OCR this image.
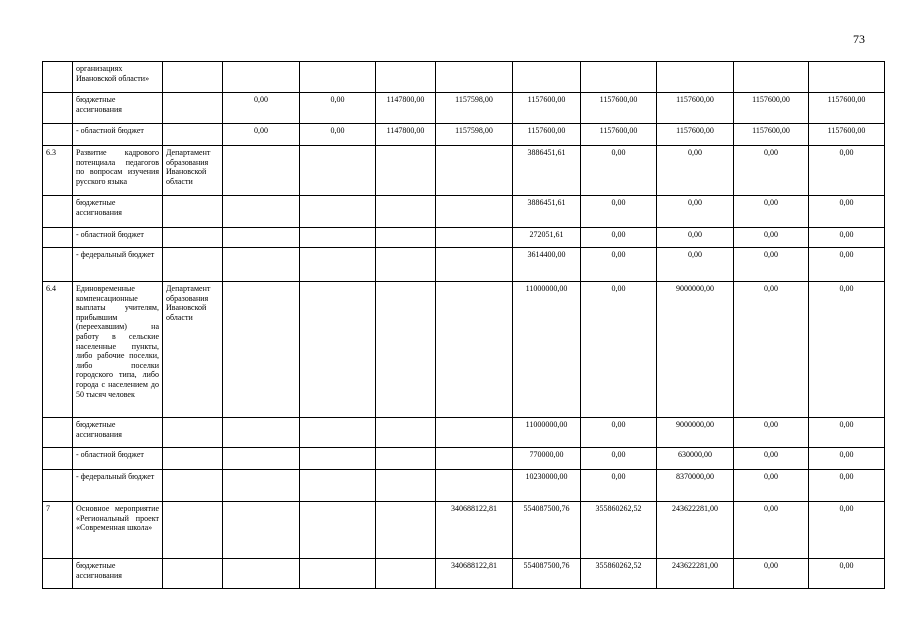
73
	организациях Ивановской области»										
	бюджетные ассигнования		0,00	0,00	1147800,00	1157598,00	1157600,00	1157600,00	1157600,00	1157600,00	1157600,00
	- областной бюджет		0,00	0,00	1147800,00	1157598,00	1157600,00	1157600,00	1157600,00	1157600,00	1157600,00
6.3	Развитие кадрового потенциала педагогов по вопросам изучения русского языка	Департамент образования Ивановской области					3886451,61	0,00	0,00	0,00	0,00
	бюджетные ассигнования						3886451,61	0,00	0,00	0,00	0,00
	- областной бюджет						272051,61	0,00	0,00	0,00	0,00
	- федеральный бюджет						3614400,00	0,00	0,00	0,00	0,00
6.4	Единовременные компенсационные выплаты учителям, прибывшим (переехавшим) на работу в сельские населенные пункты, либо рабочие поселки, либо поселки городского типа, либо города с населением до 50 тысяч человек	Департамент образования Ивановской области					11000000,00	0,00	9000000,00	0,00	0,00
	бюджетные ассигнования						11000000,00	0,00	9000000,00	0,00	0,00
	- областной бюджет						770000,00	0,00	630000,00	0,00	0,00
	- федеральный бюджет						10230000,00	0,00	8370000,00	0,00	0,00
7	Основное мероприятие «Региональный проект «Современная школа»					340688122,81	554087500,76	355860262,52	243622281,00	0,00	0,00
	бюджетные ассигнования					340688122,81	554087500,76	355860262,52	243622281,00	0,00	0,00
